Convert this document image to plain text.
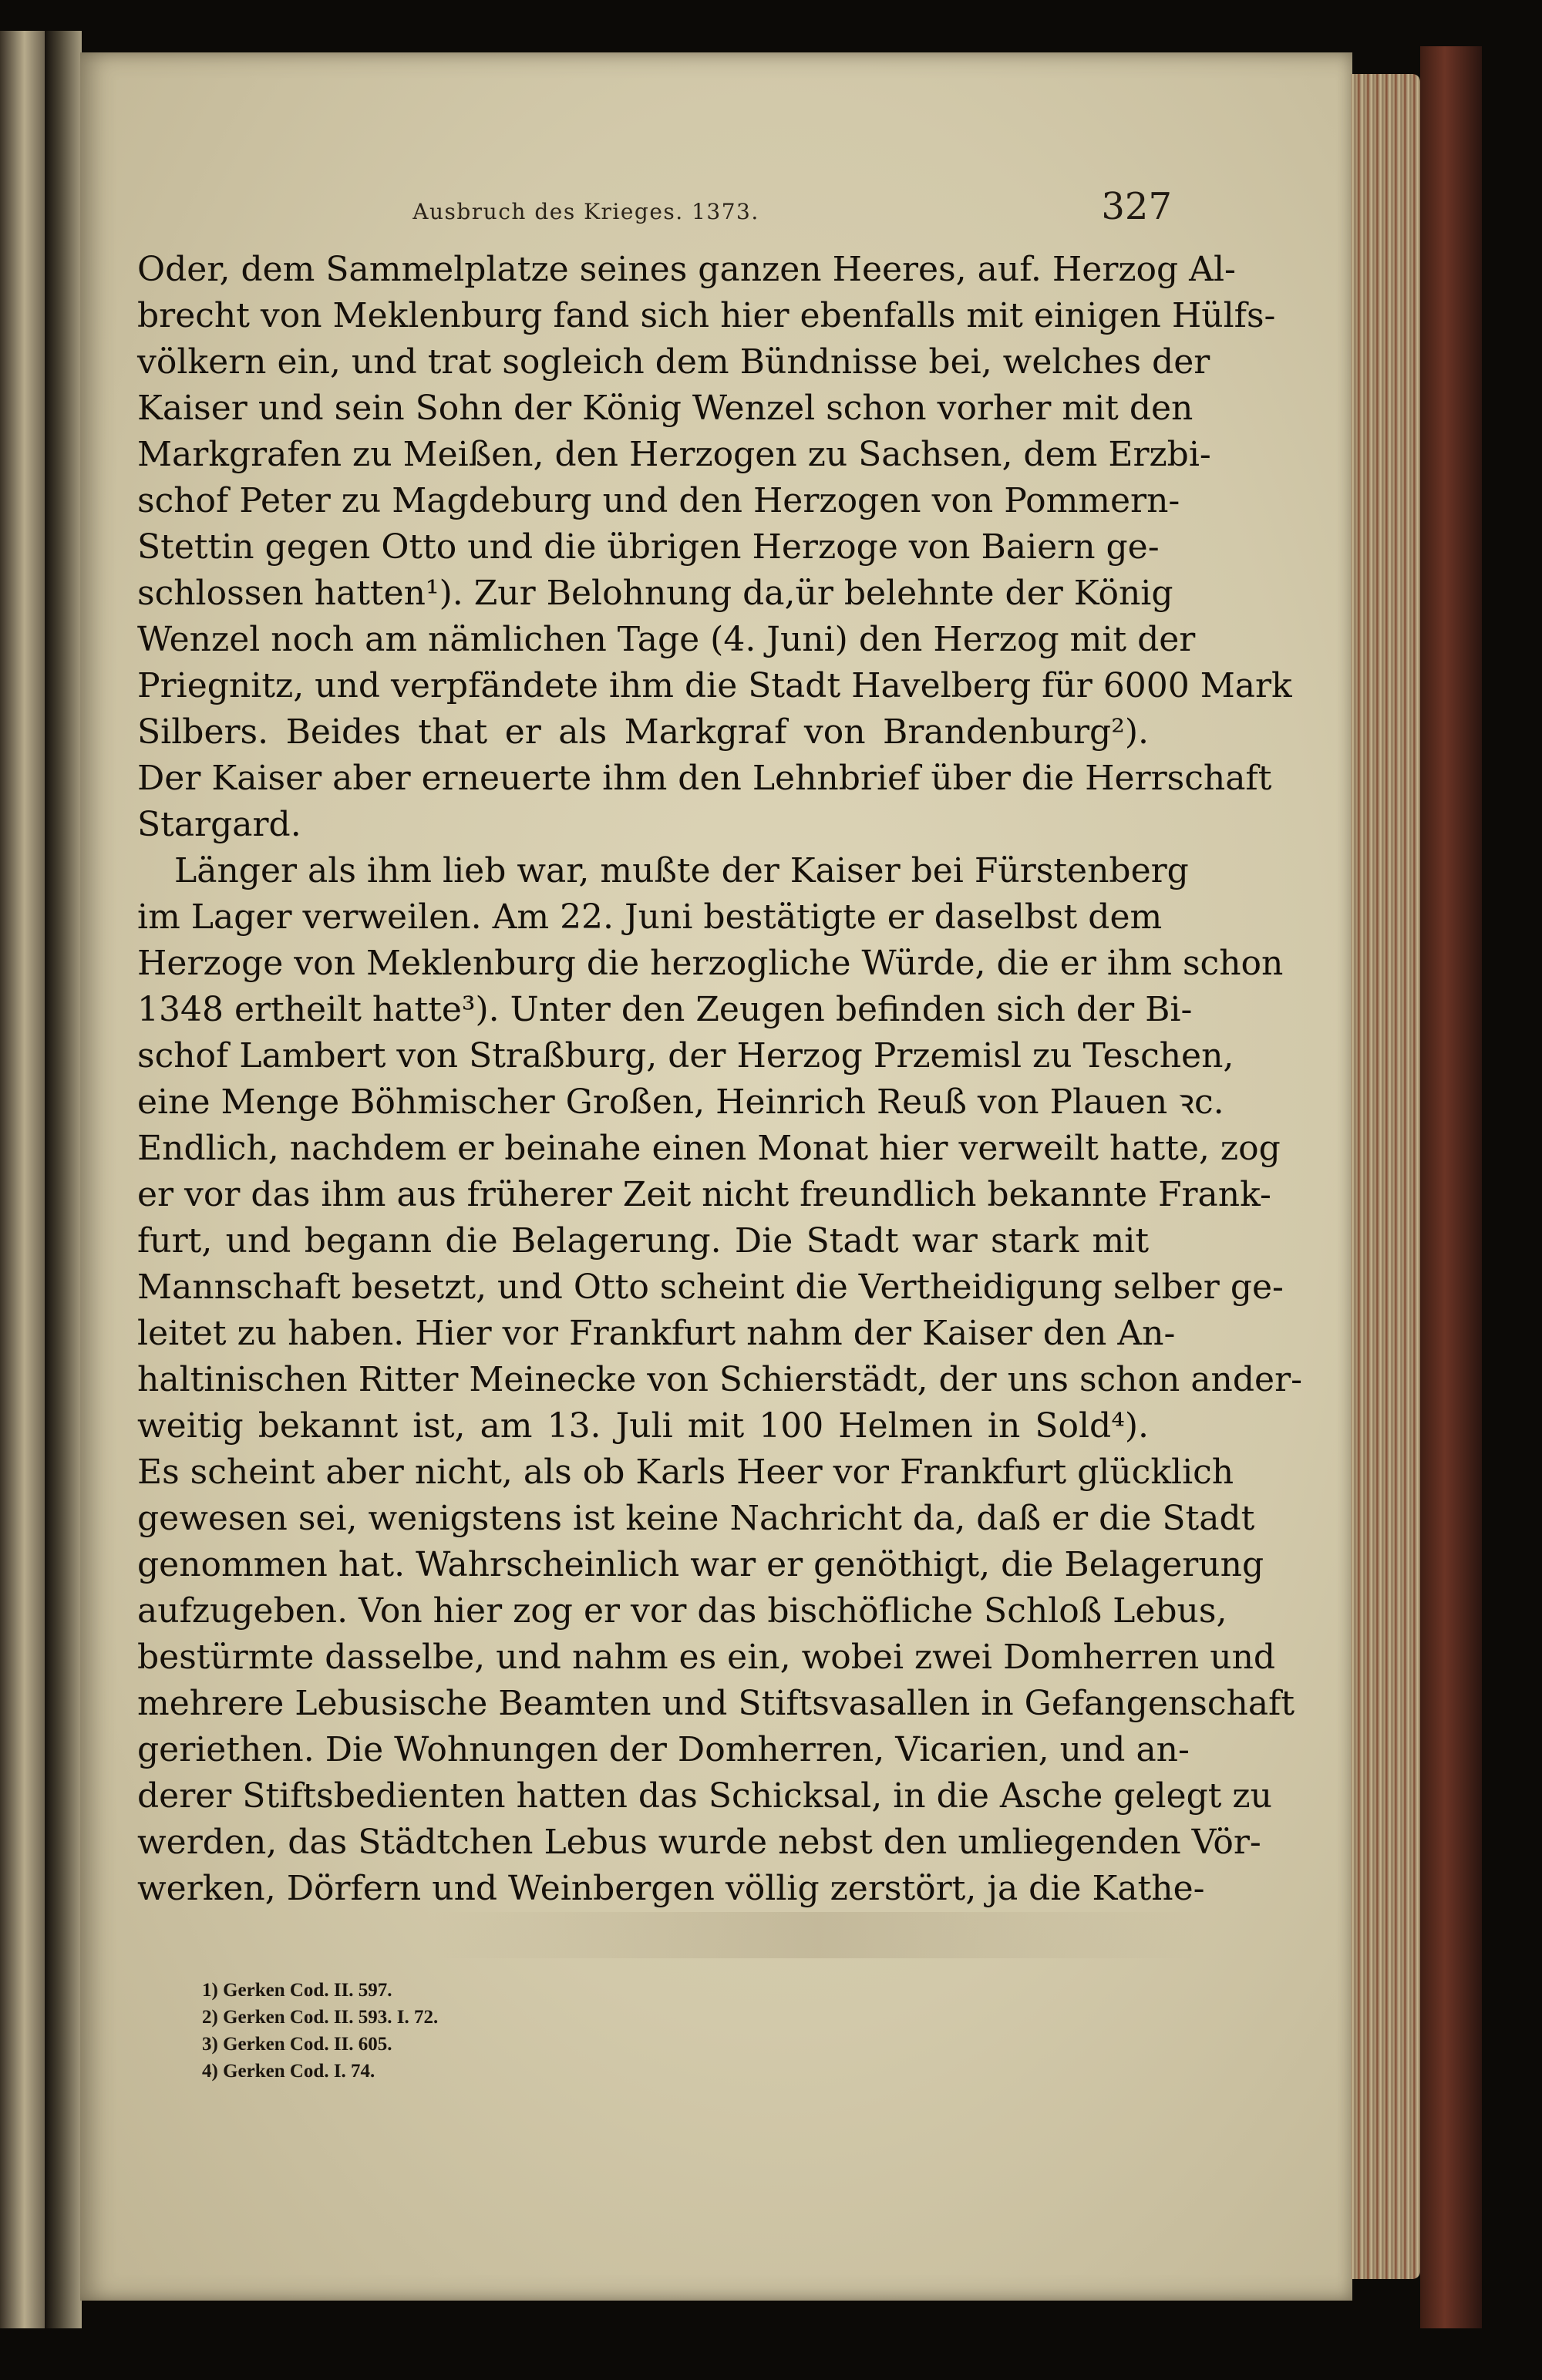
Ausbruch des Krieges. 1373.	327
Oder, dem Sammelplatze seines ganzen Heeres, auf. Herzog Al-
brecht von Meklenburg fand sich hier ebenfalls mit einigen Hülfs-
völkern ein, und trat sogleich dem Bündnisse bei, welches der
Kaiser und sein Sohn der König Wenzel schon vorher mit den
Markgrafen zu Meißen, den Herzogen zu Sachsen, dem Erzbi-
schof Peter zu Magdeburg und den Herzogen von Pommern-
Stettin gegen Otto und die übrigen Herzoge von Baiern ge-
schlossen hatten¹). Zur Belohnung da,ür belehnte der König
Wenzel noch am nämlichen Tage (4. Juni) den Herzog mit der
Priegnitz, und verpfändete ihm die Stadt Havelberg für 6000 Mark
Silbers. Beides that er als Markgraf von Brandenburg²).
Der Kaiser aber erneuerte ihm den Lehnbrief über die Herrschaft
Stargard.
Länger als ihm lieb war, mußte der Kaiser bei Fürstenberg
im Lager verweilen. Am 22. Juni bestätigte er daselbst dem
Herzoge von Meklenburg die herzogliche Würde, die er ihm schon
1348 ertheilt hatte³). Unter den Zeugen befinden sich der Bi-
schof Lambert von Straßburg, der Herzog Przemisl zu Teschen,
eine Menge Böhmischer Großen, Heinrich Reuß von Plauen ꝛc.
Endlich, nachdem er beinahe einen Monat hier verweilt hatte, zog
er vor das ihm aus früherer Zeit nicht freundlich bekannte Frank-
furt, und begann die Belagerung. Die Stadt war stark mit
Mannschaft besetzt, und Otto scheint die Vertheidigung selber ge-
leitet zu haben. Hier vor Frankfurt nahm der Kaiser den An-
haltinischen Ritter Meinecke von Schierstädt, der uns schon ander-
weitig bekannt ist, am 13. Juli mit 100 Helmen in Sold⁴).
Es scheint aber nicht, als ob Karls Heer vor Frankfurt glücklich
gewesen sei, wenigstens ist keine Nachricht da, daß er die Stadt
genommen hat. Wahrscheinlich war er genöthigt, die Belagerung
aufzugeben. Von hier zog er vor das bischöfliche Schloß Lebus,
bestürmte dasselbe, und nahm es ein, wobei zwei Domherren und
mehrere Lebusische Beamten und Stiftsvasallen in Gefangenschaft
geriethen. Die Wohnungen der Domherren, Vicarien, und an-
derer Stiftsbedienten hatten das Schicksal, in die Asche gelegt zu
werden, das Städtchen Lebus wurde nebst den umliegenden Vör-
werken, Dörfern und Weinbergen völlig zerstört, ja die Kathe-
1) Gerken Cod. II. 597.
2) Gerken Cod. II. 593. I. 72.
3) Gerken Cod. II. 605.
4) Gerken Cod. I. 74.
